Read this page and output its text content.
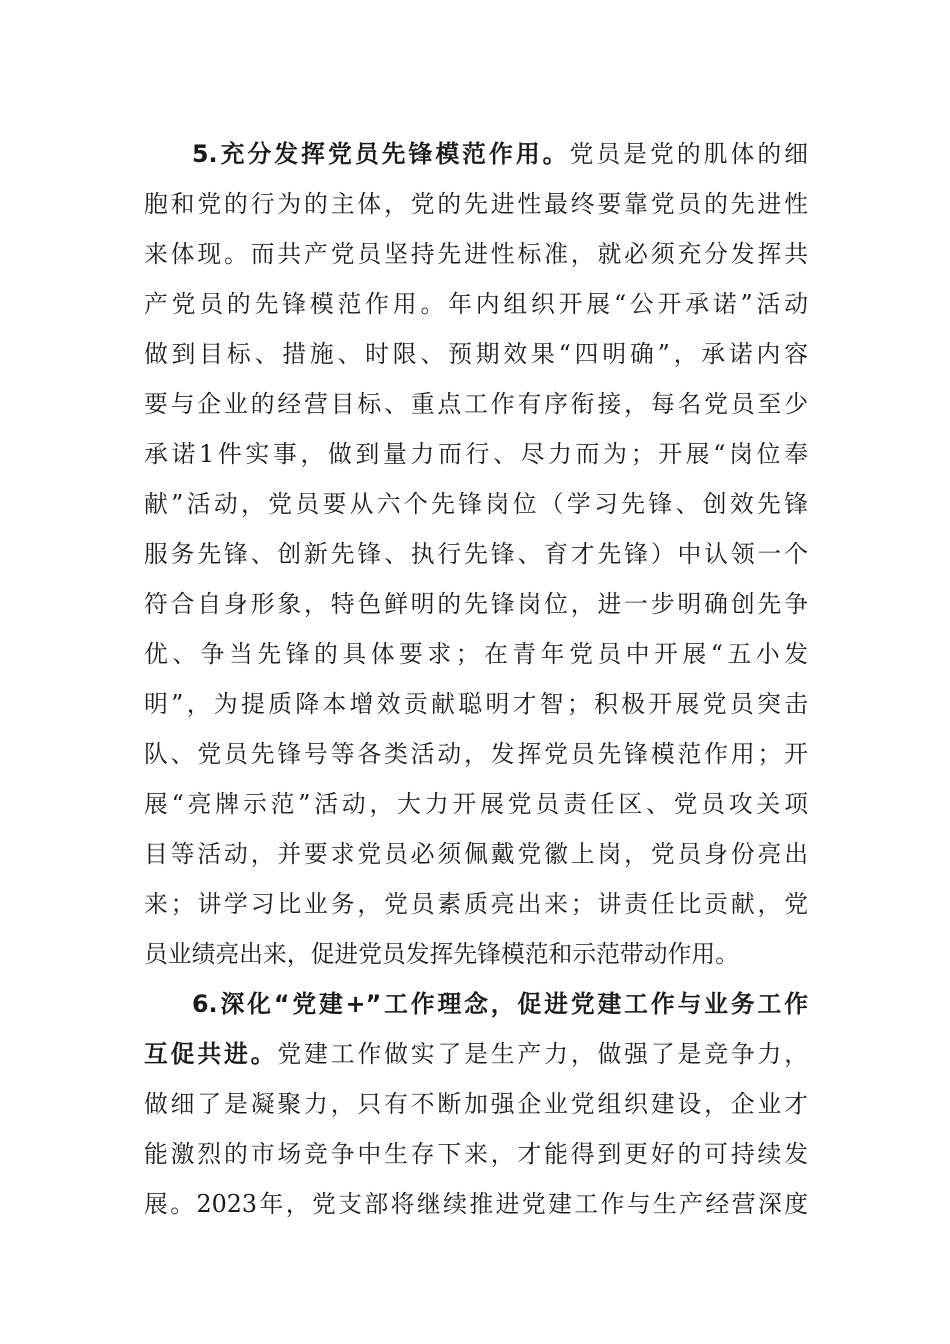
5.充分发挥党员先锋模范作用。党员是党的肌体的细
胞和党的行为的主体，党的先进性最终要靠党员的先进性
来体现。而共产党员坚持先进性标准，就必须充分发挥共
产党员的先锋模范作用。年内组织开展“公开承诺”活动
做到目标、措施、时限、预期效果“四明确”，承诺内容
要与企业的经营目标、重点工作有序衔接，每名党员至少
承诺1件实事，做到量力而行、尽力而为；开展“岗位奉
献”活动，党员要从六个先锋岗位（学习先锋、创效先锋
服务先锋、创新先锋、执行先锋、育才先锋）中认领一个
符合自身形象，特色鲜明的先锋岗位，进一步明确创先争
优、争当先锋的具体要求；在青年党员中开展“五小发
明”，为提质降本增效贡献聪明才智；积极开展党员突击
队、党员先锋号等各类活动，发挥党员先锋模范作用；开
展“亮牌示范”活动，大力开展党员责任区、党员攻关项
目等活动，并要求党员必须佩戴党徽上岗，党员身份亮出
来；讲学习比业务，党员素质亮出来；讲责任比贡献，党
员业绩亮出来，促进党员发挥先锋模范和示范带动作用。
6.深化“党建+”工作理念，促进党建工作与业务工作
互促共进。党建工作做实了是生产力，做强了是竞争力，
做细了是凝聚力，只有不断加强企业党组织建设，企业才
能激烈的市场竞争中生存下来，才能得到更好的可持续发
展。2023年，党支部将继续推进党建工作与生产经营深度
